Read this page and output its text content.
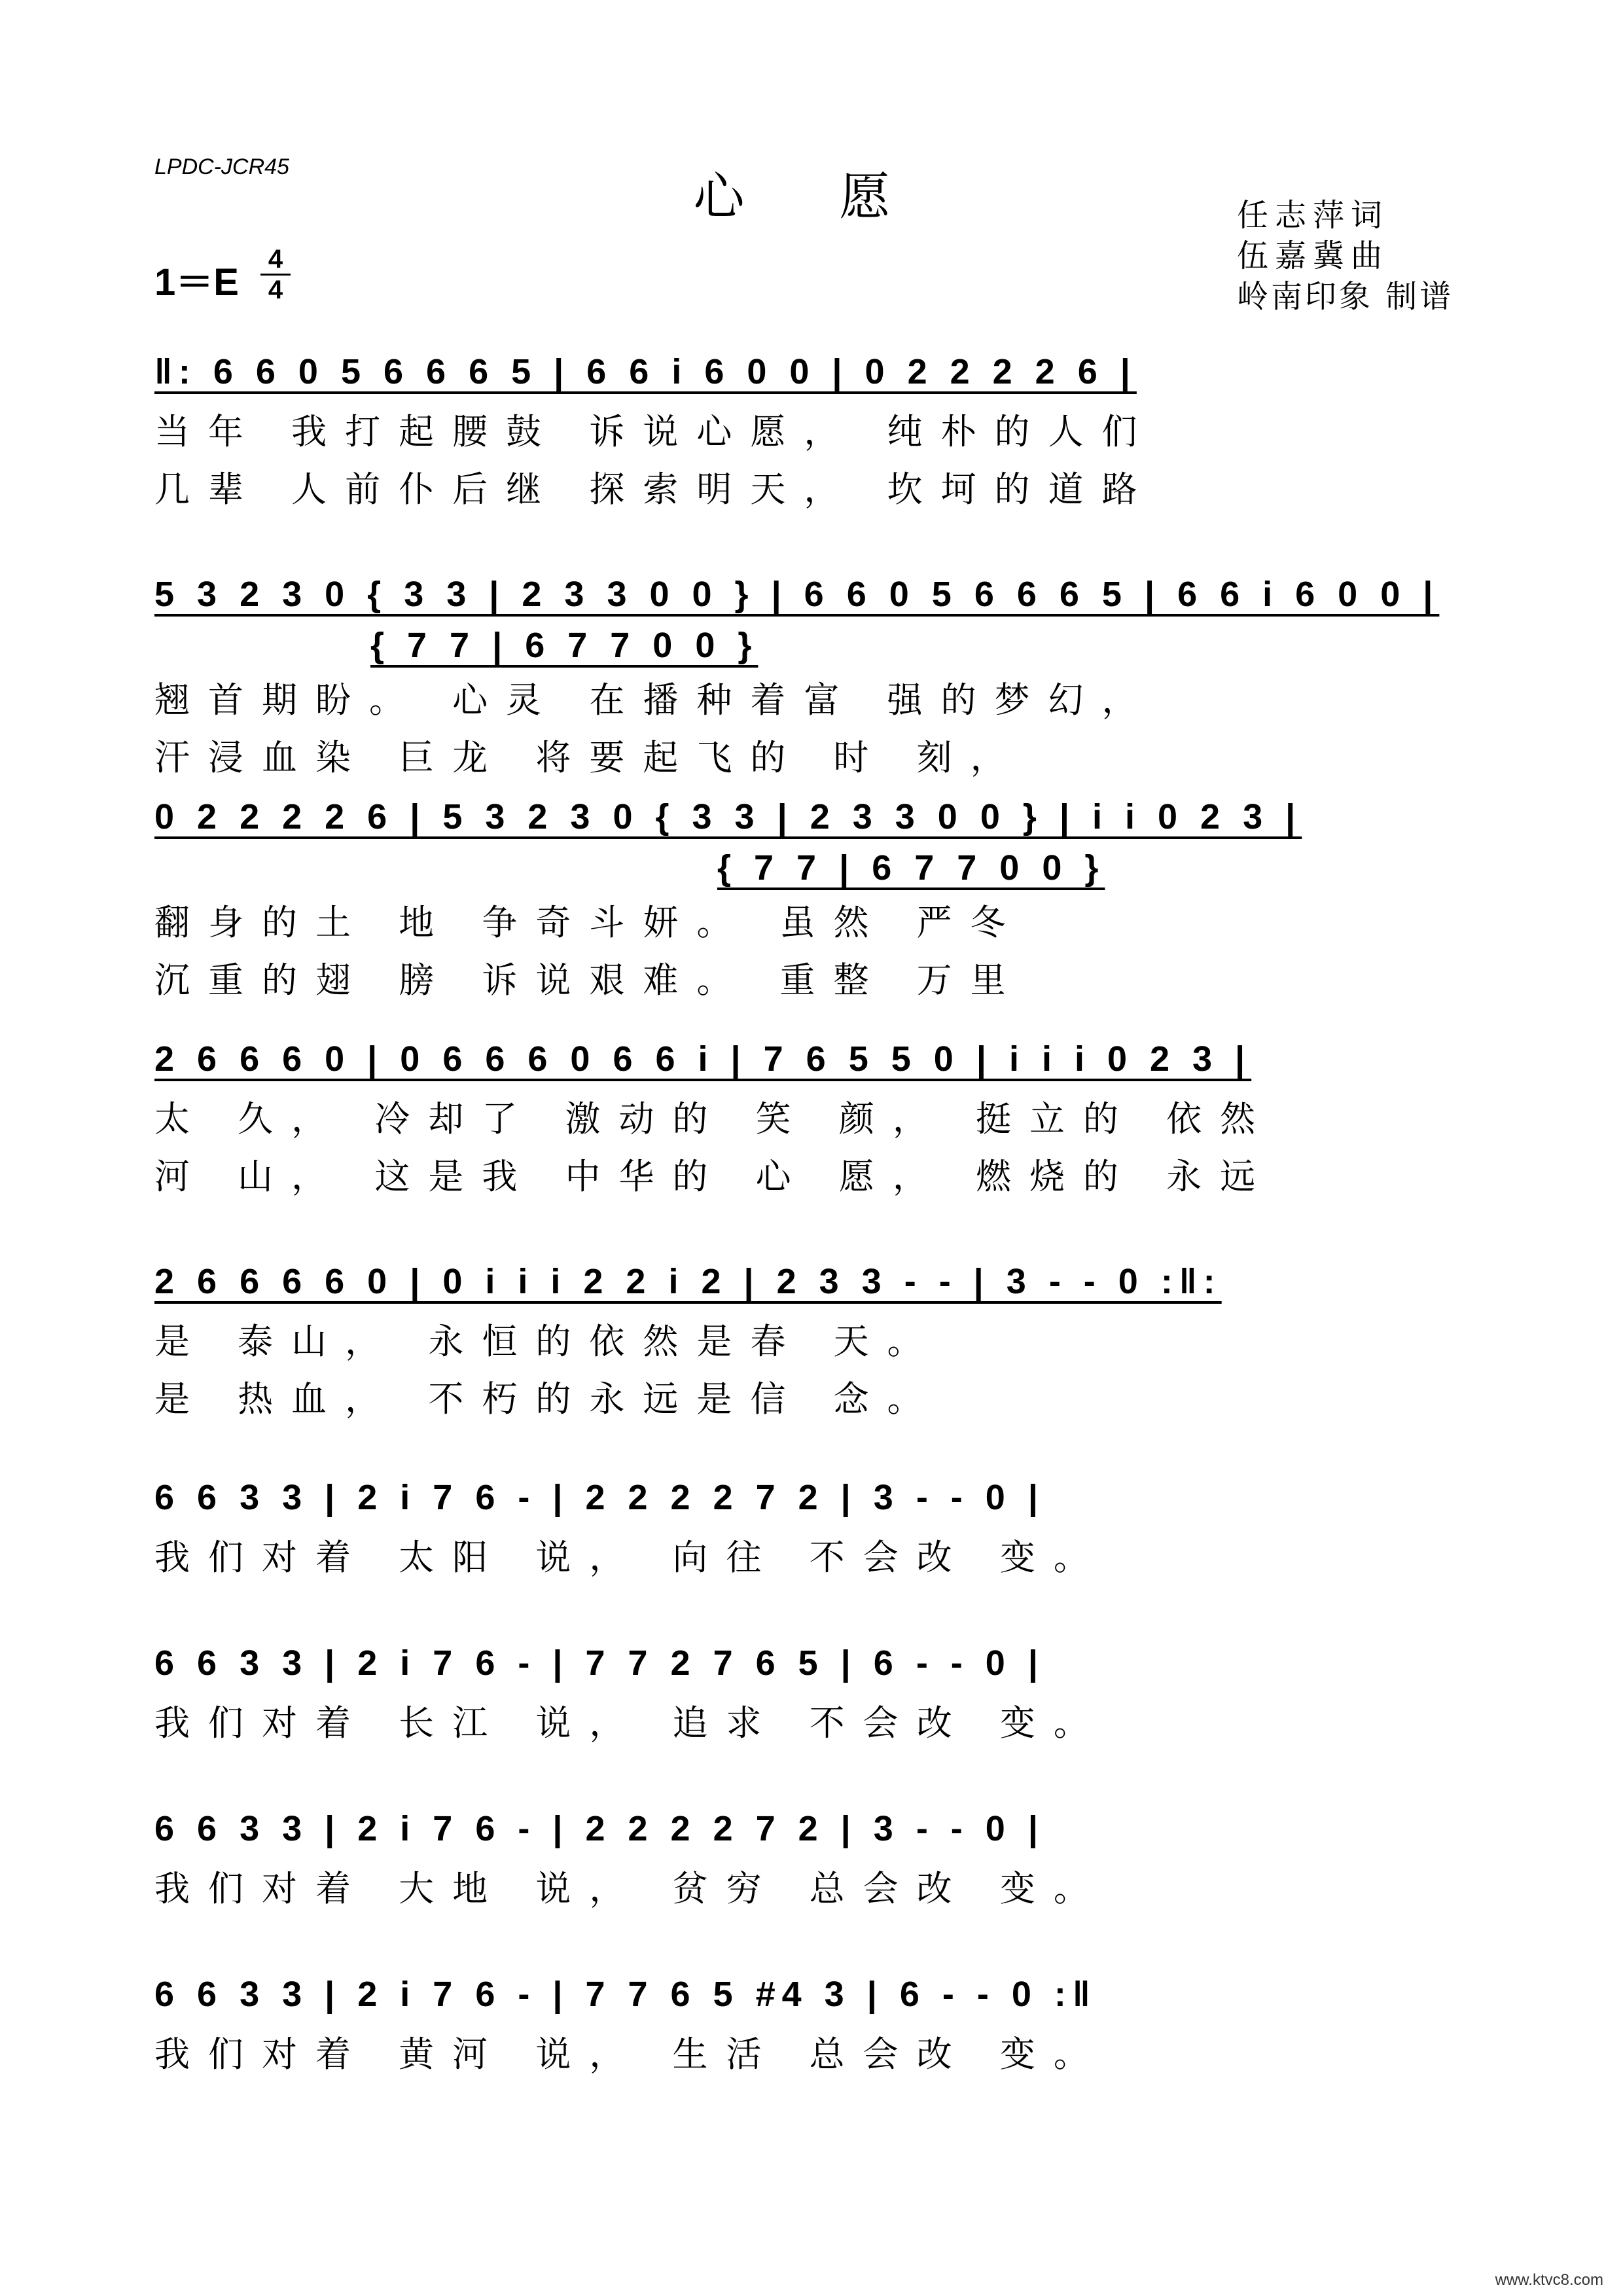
LPDC-JCR45
心 愿	任志萍词
伍嘉冀曲
岭南印象 制谱
1＝E
4
4
‖: 6 6 0 5 6 6 6 5 | 6 6 i 6 0 0 | 0 2 2 2 2 6 |
当年 我打起腰鼓 诉说心愿， 纯朴的人们
几辈 人前仆后继 探索明天， 坎坷的道路
5 3 2 3 0 { 3 3 | 2 3 3 0 0 } | 6 6 0 5 6 6 6 5 | 6 6 i 6 0 0 |
{ 7 7 | 6 7 7 0 0 }
翘首期盼。 心灵 在播种着富 强的梦幻，
汗浸血染 巨龙 将要起飞的 时 刻，
0 2 2 2 2 6 | 5 3 2 3 0 { 3 3 | 2 3 3 0 0 } | i i 0 2 3 |
{ 7 7 | 6 7 7 0 0 }
翻身的土 地 争奇斗妍。 虽然 严冬
沉重的翅 膀 诉说艰难。 重整 万里
2 6 6 6 0 | 0 6 6 6 0 6 6 i | 7 6 5 5 0 | i i i 0 2 3 |
太 久， 冷却了 激动的 笑 颜， 挺立的 依然
河 山， 这是我 中华的 心 愿， 燃烧的 永远
2 6 6 6 6 0 | 0 i i i 2 2 i 2 | 2 3 3 - - | 3 - - 0 :‖:
是 泰山， 永恒的依然是春 天。
是 热血， 不朽的永远是信 念。
6 6 3 3 | 2 i 7 6 - | 2 2 2 2 7 2 | 3 - - 0 |
我们对着 太阳 说， 向往 不会改 变。
6 6 3 3 | 2 i 7 6 - | 7 7 2 7 6 5 | 6 - - 0 |
我们对着 长江 说， 追求 不会改 变。
6 6 3 3 | 2 i 7 6 - | 2 2 2 2 7 2 | 3 - - 0 |
我们对着 大地 说， 贫穷 总会改 变。
6 6 3 3 | 2 i 7 6 - | 7 7 6 5 #4 3 | 6 - - 0 :‖
我们对着 黄河 说， 生活 总会改 变。
www.ktvc8.com
